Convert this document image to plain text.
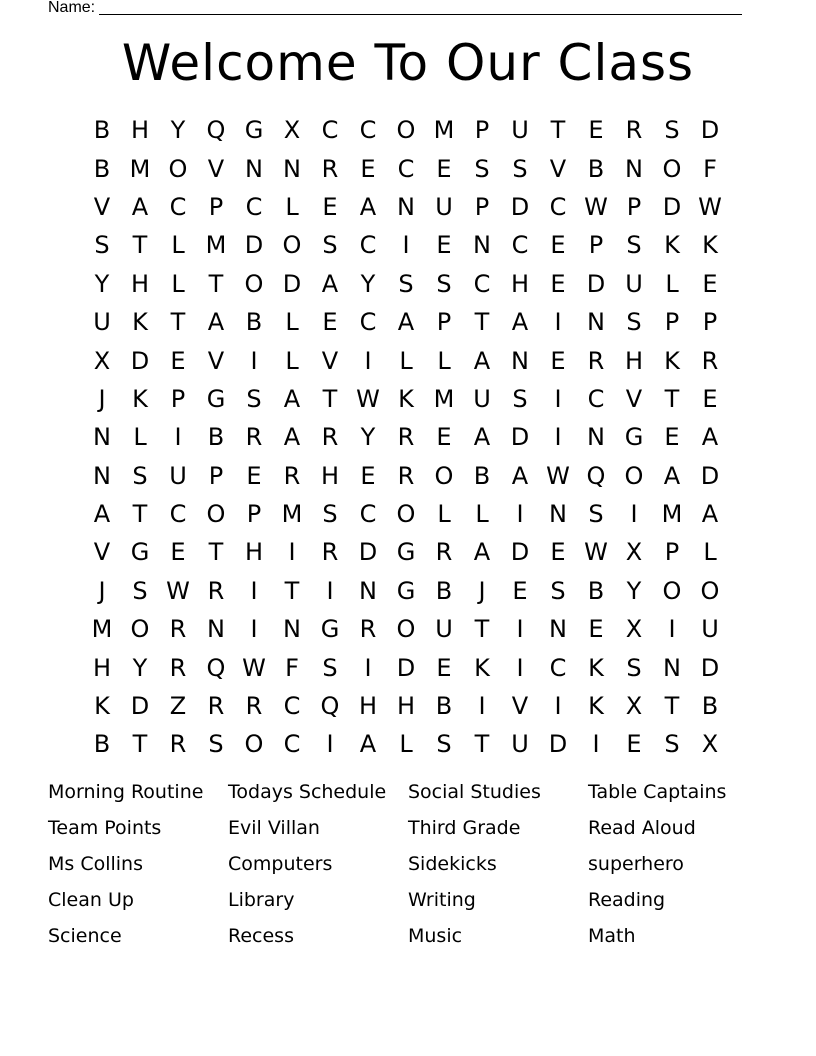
Name:
Welcome To Our Class
B H Y Q G X C C O M P U T E R S D
B M O V N N R E C E S S V B N O F
V A C P C L E A N U P D C W P D W
S T L M D O S C	I	E N C E P S K K
Y H L T O D A Y S S C H E D U L E
U K T A B L E C A P T A	I	N S P P
X D E V	I	L V	I	L	L A N E R H K R
J	K P G S A T W K M U S	I	C V T E
N L	I	B R A R Y R E A D	I	N G E A
N S U P E R H E R O B A W Q O A D
A T C O P M S C O L	L	I	N S	I	M A
V G E T H	I	R D G R A D E W X P	L
J	S W R	I	T	I	N G B	J	E S B Y O O
M O R N	I	N G R O U T	I	N E X	I	U
H Y R Q W F S	I	D E K	I	C K S N D
K D Z R R C Q H H B	I	V	I	K X T B
B T R S O C	I	A L S T U D	I	E S X
Morning Routine	Todays Schedule	Social Studies	Table Captains
Team Points	Evil Villan	Third Grade	Read Aloud
Ms Collins	Computers	Sidekicks	superhero
Clean Up	Library	Writing	Reading
Science	Recess	Music	Math
